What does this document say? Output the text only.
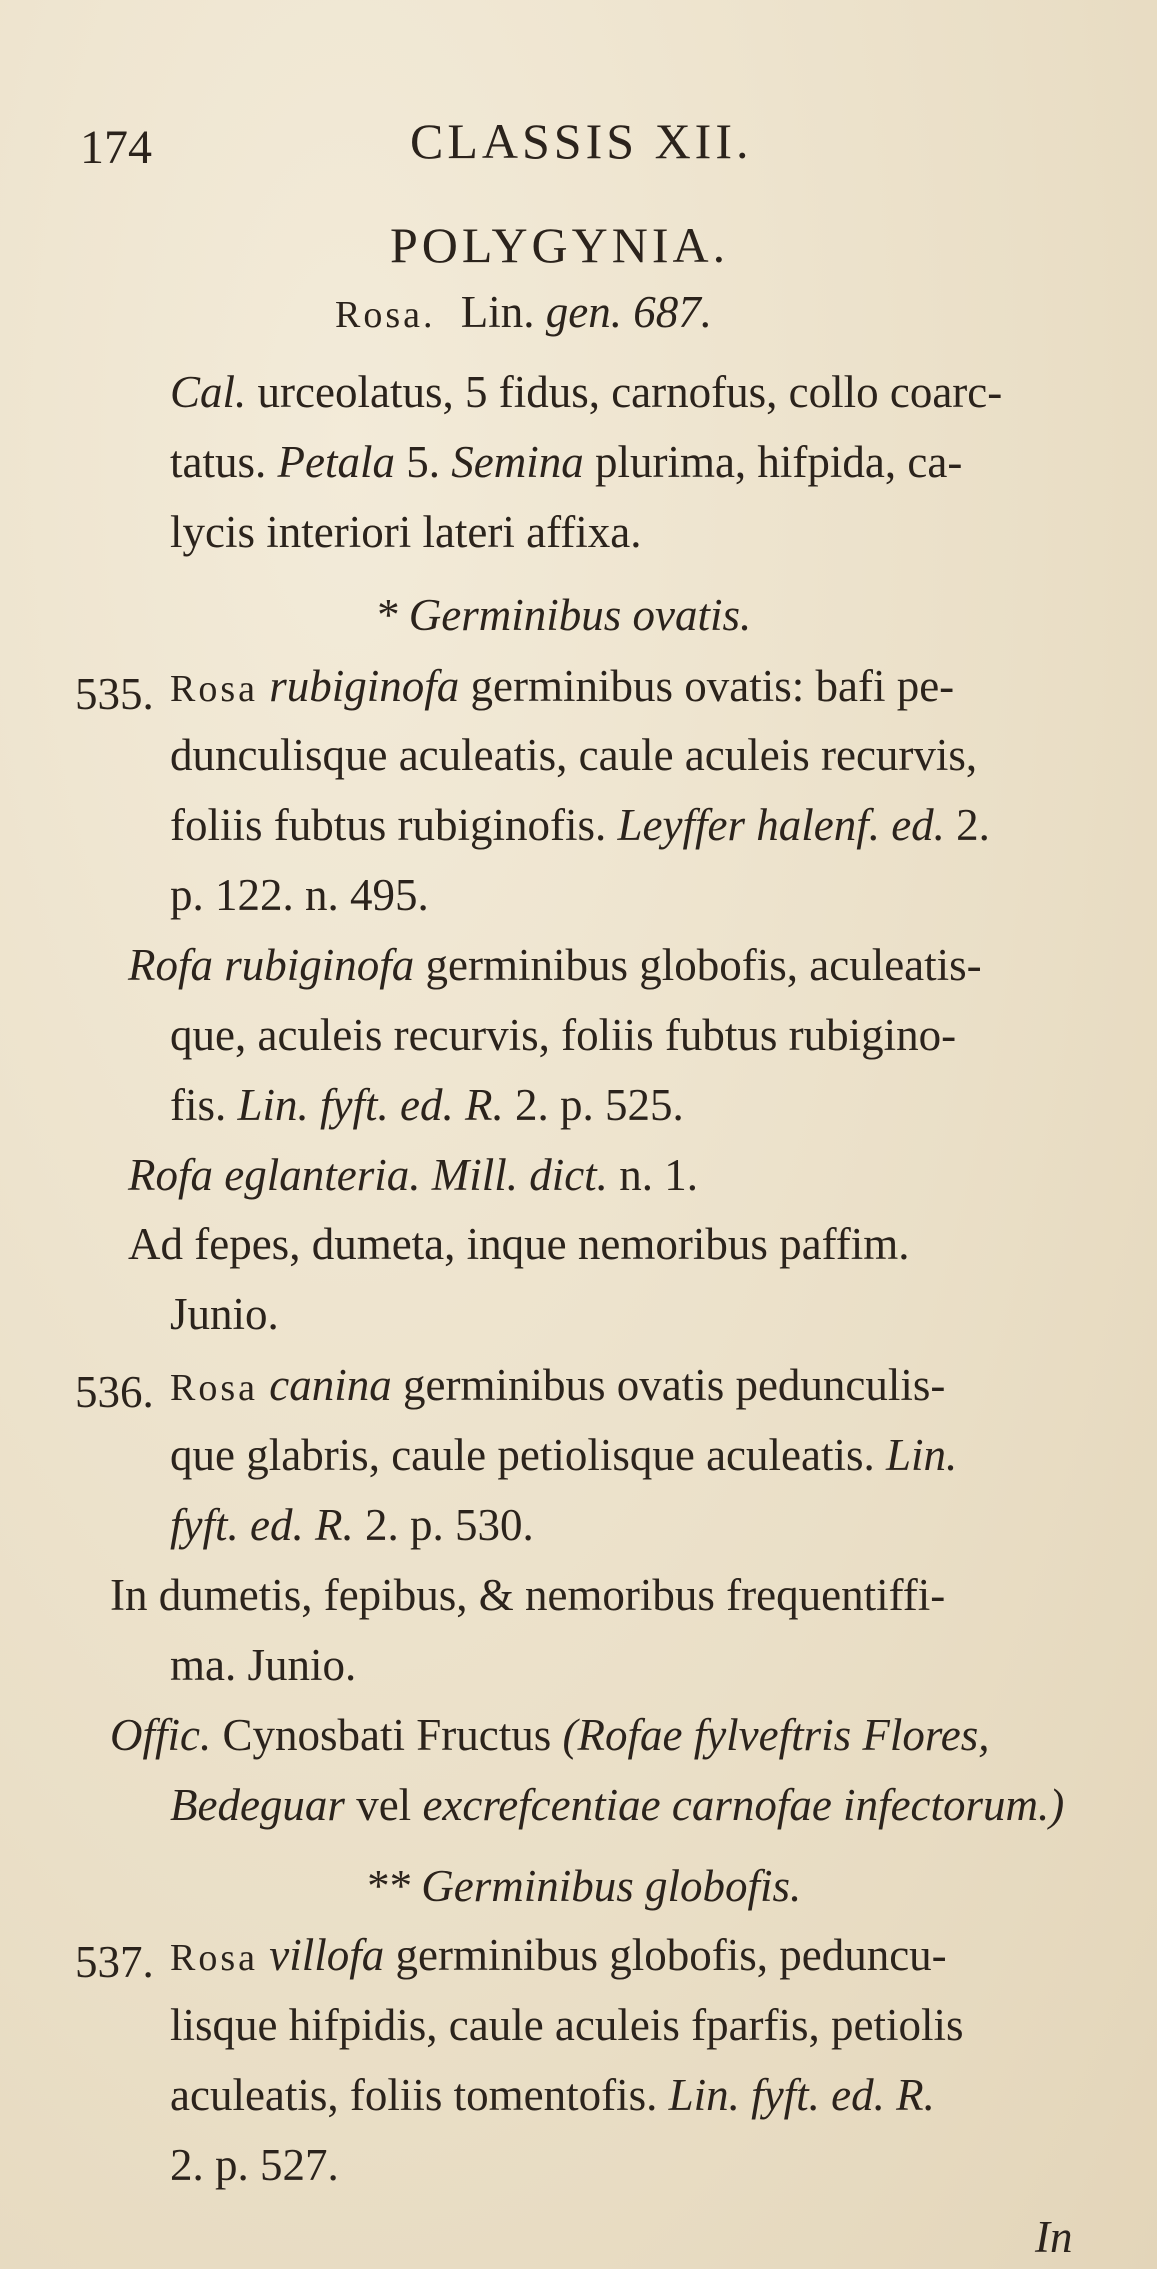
174	CLASSIS XII.
POLYGYNIA.
Rosa. Lin. gen. 687.
Cal. urceolatus, 5 fidus, carnofus, collo coarc-
tatus. Petala 5. Semina plurima, hifpida, ca-
lycis interiori lateri affixa.
* Germinibus ovatis.
535. Rosa rubiginofa germinibus ovatis: bafi pe-
dunculisque aculeatis, caule aculeis recurvis,
foliis fubtus rubiginofis. Leyffer halenf. ed. 2.
p. 122. n. 495.
Rofa rubiginofa germinibus globofis, aculeatis-
que, aculeis recurvis, foliis fubtus rubigino-
fis. Lin. fyft. ed. R. 2. p. 525.
Rofa eglanteria. Mill. dict. n. 1.
Ad fepes, dumeta, inque nemoribus paffim.
Junio.
536. Rosa canina germinibus ovatis pedunculis-
que glabris, caule petiolisque aculeatis. Lin.
fyft. ed. R. 2. p. 530.
In dumetis, fepibus, & nemoribus frequentiffi-
ma. Junio.
Offic. Cynosbati Fructus (Rofae fylveftris Flores,
Bedeguar vel excrefcentiae carnofae infectorum.)
** Germinibus globofis.
537. Rosa villofa germinibus globofis, peduncu-
lisque hifpidis, caule aculeis fparfis, petiolis
aculeatis, foliis tomentofis. Lin. fyft. ed. R.
2. p. 527.
In
